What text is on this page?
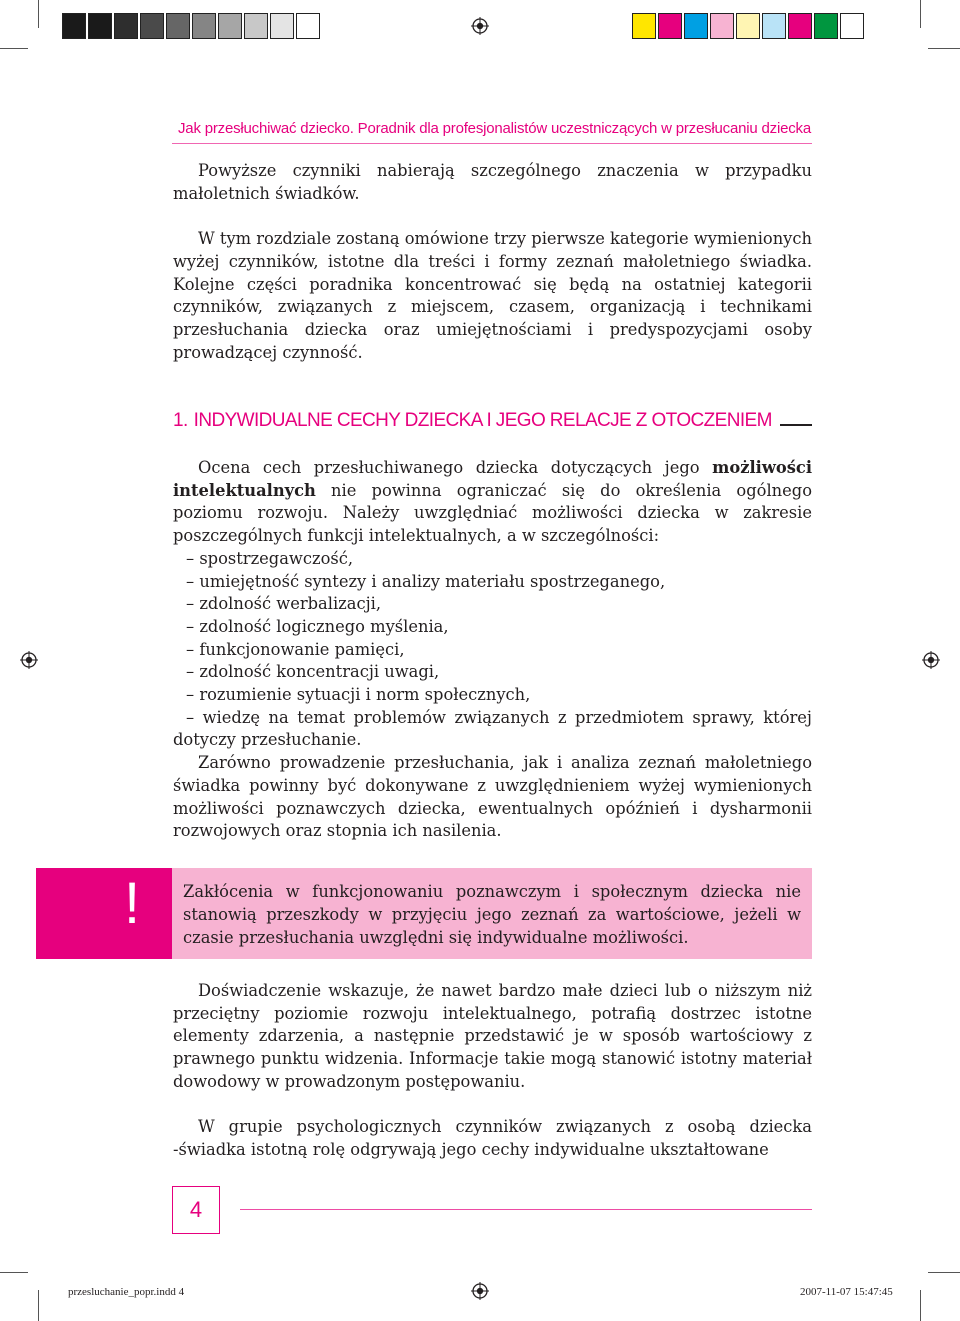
Jak przesłuchiwać dziecko. Poradnik dla profesjonalistów uczestniczących w przesłucaniu dziecka

Powyższe czynniki nabierają szczególnego znaczenia w przypadku małoletnich świadków.

W tym rozdziale zostaną omówione trzy pierwsze kategorie wymienionych wyżej czynników, istotne dla treści i formy zeznań małoletniego świadka. Kolejne części poradnika koncentrować się będą na ostatniej kategorii czynników, związanych z miejscem, czasem, organizacją i technikami przesłuchania dziecka oraz umiejętnościami i predyspozycjami osoby prowadzącej czynność.

1. INDYWIDUALNE CECHY DZIECKA I JEGO RELACJE Z OTOCZENIEM

Ocena cech przesłuchiwanego dziecka dotyczących jego możliwości intelektualnych nie powinna ograniczać się do określenia ogólnego poziomu rozwoju. Należy uwzględniać możliwości dziecka w zakresie poszczególnych funkcji intelektualnych, a w szczególności:

– spostrzegawczość,
– umiejętność syntezy i analizy materiału spostrzeganego,
– zdolność werbalizacji,
– zdolność logicznego myślenia,
– funkcjonowanie pamięci,
– zdolność koncentracji uwagi,
– rozumienie sytuacji i norm społecznych,
– wiedzę na temat problemów związanych z przedmiotem sprawy, której dotyczy przesłuchanie.

Zarówno prowadzenie przesłuchania, jak i analiza zeznań małoletniego świadka powinny być dokonywane z uwzględnieniem wyżej wymienionych możliwości poznawczych dziecka, ewentualnych opóźnień i dysharmonii rozwojowych oraz stopnia ich nasilenia.

!	Zakłócenia w funkcjonowaniu poznawczym i społecznym dziecka nie stanowią przeszkody w przyjęciu jego zeznań za wartościowe, jeżeli w czasie przesłuchania uwzględni się indywidualne możliwości.

Doświadczenie wskazuje, że nawet bardzo małe dzieci lub o niższym niż przeciętny poziomie rozwoju intelektualnego, potrafią dostrzec istotne elementy zdarzenia, a następnie przedstawić je w sposób wartościowy z prawnego punktu widzenia. Informacje takie mogą stanowić istotny materiał dowodowy w prowadzonym postępowaniu.

W grupie psychologicznych czynników związanych z osobą dziecka -świadka istotną rolę odgrywają jego cechy indywidualne ukształtowane

4
przesluchanie_popr.indd 4	2007-11-07 15:47:45
